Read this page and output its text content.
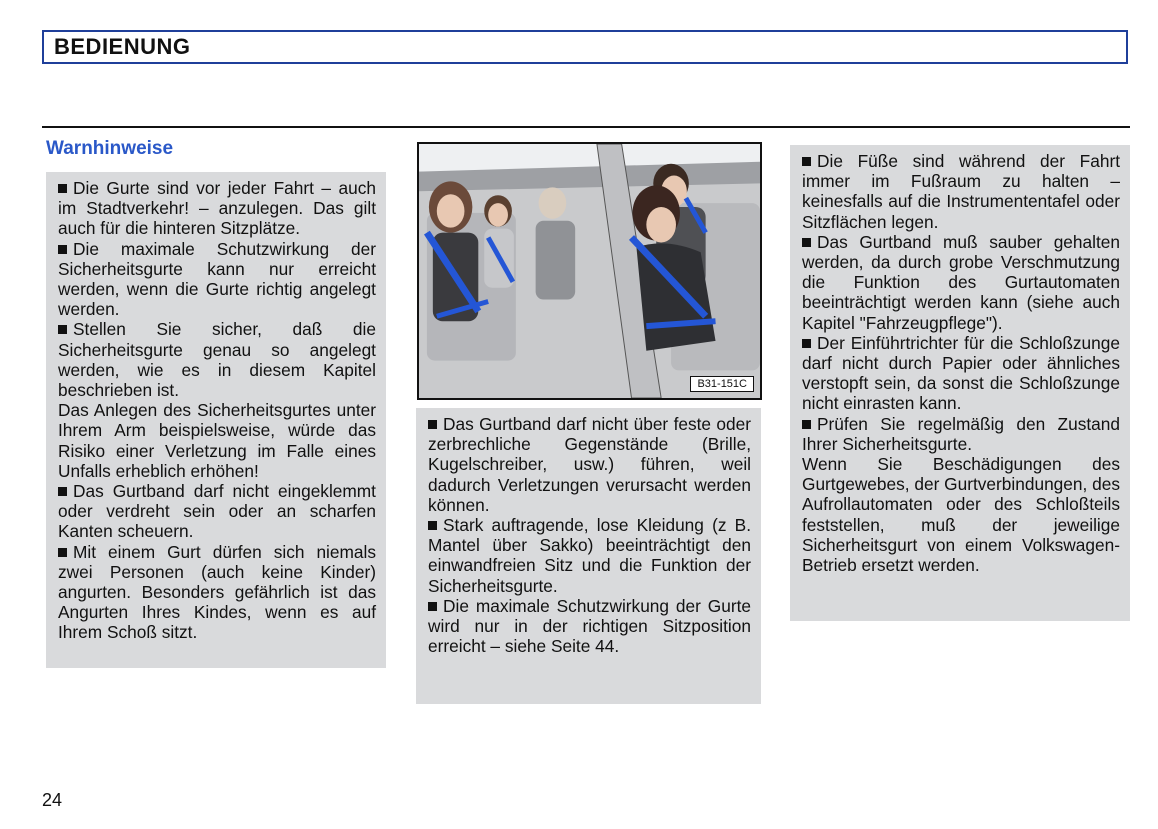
BEDIENUNG
Warnhinweise

Die Gurte sind vor jeder Fahrt – auch im Stadtverkehr! – anzulegen. Das gilt auch für die hinteren Sitzplätze.

Die maximale Schutzwirkung der Sicherheitsgurte kann nur erreicht werden, wenn die Gurte richtig angelegt werden.

Stellen Sie sicher, daß die Sicherheitsgurte genau so angelegt werden, wie es in diesem Kapitel beschrieben ist.

Das Anlegen des Sicherheitsgurtes unter Ihrem Arm beispielsweise, würde das Risiko einer Verletzung im Falle eines Unfalls erheblich erhöhen!

Das Gurtband darf nicht eingeklemmt oder verdreht sein oder an scharfen Kanten scheuern.

Mit einem Gurt dürfen sich niemals zwei Personen (auch keine Kinder) angurten. Besonders gefährlich ist das Angurten Ihres Kindes, wenn es auf Ihrem Schoß sitzt.

B31-151C

Das Gurtband darf nicht über feste oder zerbrechliche Gegenstände (Brille, Kugelschreiber, usw.) führen, weil dadurch Verletzungen verursacht werden können.

Stark auftragende, lose Kleidung (z B. Mantel über Sakko) beeinträchtigt den einwandfreien Sitz und die Funktion der Sicherheitsgurte.

Die maximale Schutzwirkung der Gurte wird nur in der richtigen Sitzposition erreicht – siehe Seite 44.

Die Füße sind während der Fahrt immer im Fußraum zu halten – keinesfalls auf die Instrumententafel oder Sitzflächen legen.

Das Gurtband muß sauber gehalten werden, da durch grobe Verschmutzung die Funktion des Gurtautomaten beeinträchtigt werden kann (siehe auch Kapitel "Fahrzeugpflege").

Der Einführtrichter für die Schloßzunge darf nicht durch Papier oder ähnliches verstopft sein, da sonst die Schloßzunge nicht einrasten kann.

Prüfen Sie regelmäßig den Zustand Ihrer Sicherheitsgurte.

Wenn Sie Beschädigungen des Gurtgewebes, der Gurtverbindungen, des Aufrollautomaten oder des Schloßteils feststellen, muß der jeweilige Sicherheitsgurt von einem Volkswagen-Betrieb ersetzt werden.

24
